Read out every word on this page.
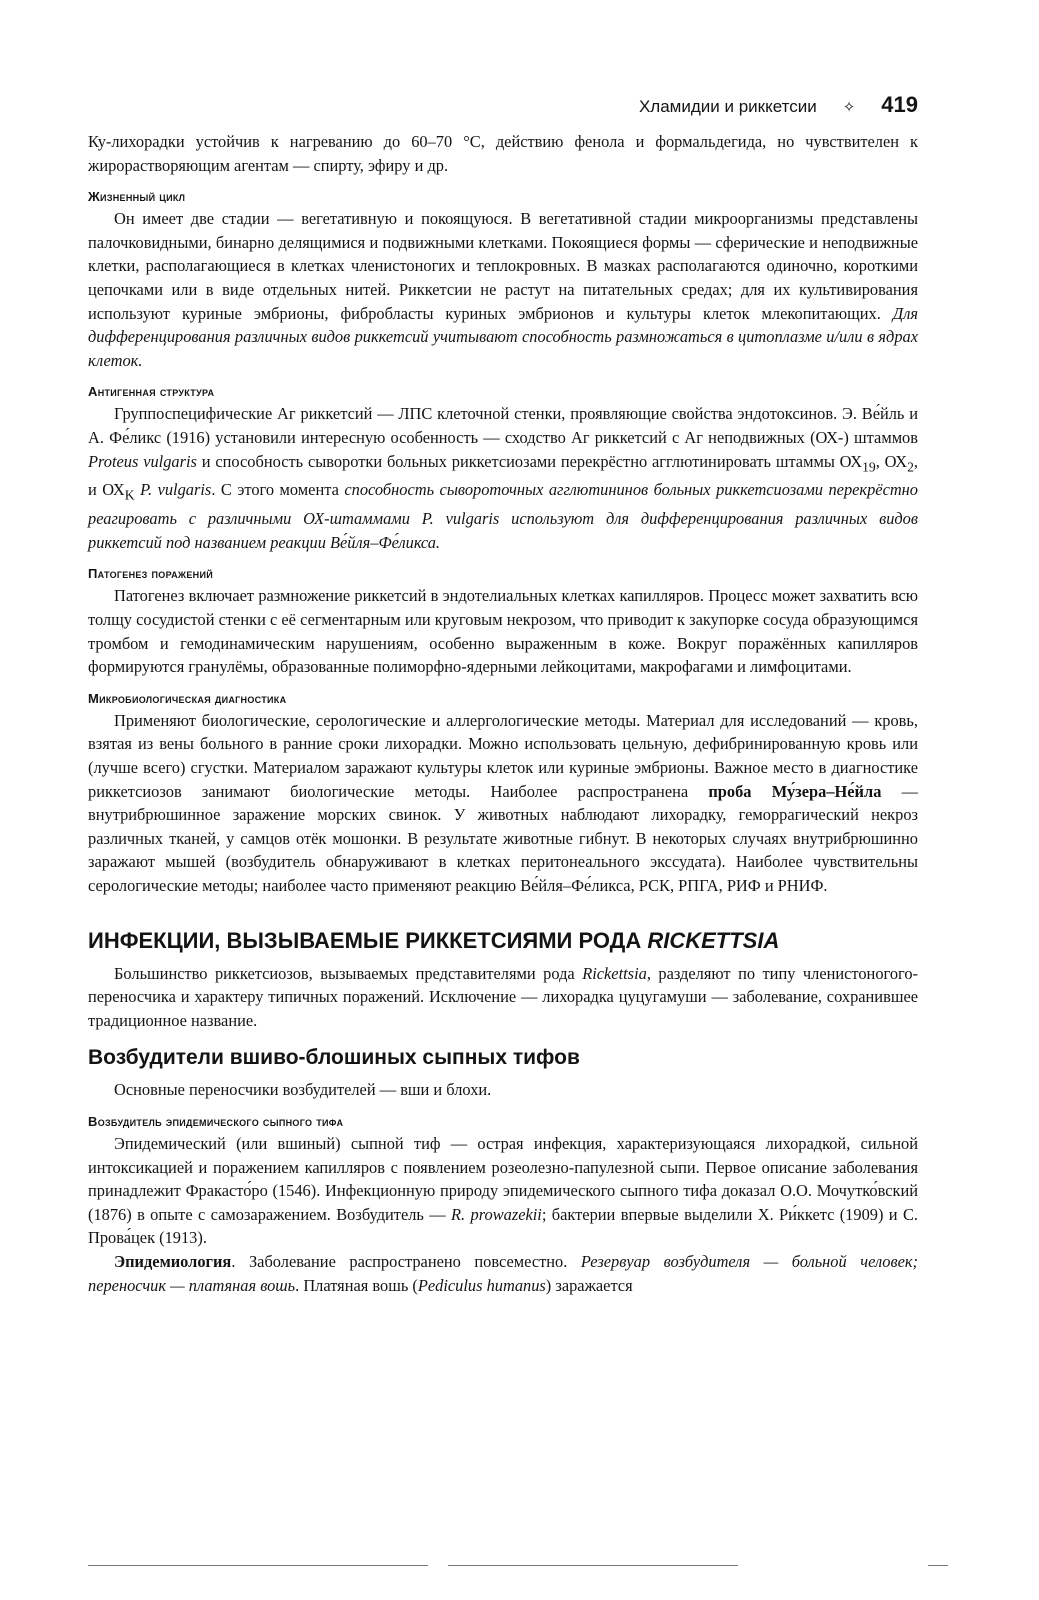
Хламидии и риккетсии ✧ 419

Ку-лихорадки устойчив к нагреванию до 60–70 °С, действию фенола и формальдегида, но чувствителен к жирорастворяющим агентам — спирту, эфиру и др.

Жизненный цикл

Он имеет две стадии — вегетативную и покоящуюся. В вегетативной стадии микроорганизмы представлены палочковидными, бинарно делящимися и подвижными клетками. Покоящиеся формы — сферические и неподвижные клетки, располагающиеся в клетках членистоногих и теплокровных. В мазках располагаются одиночно, короткими цепочками или в виде отдельных нитей. Риккетсии не растут на питательных средах; для их культивирования используют куриные эмбрионы, фибробласты куриных эмбрионов и культуры клеток млекопитающих. Для дифференцирования различных видов риккетсий учитывают способность размножаться в цитоплазме и/или в ядрах клеток.

Антигенная структура

Группоспецифические Аг риккетсий — ЛПС клеточной стенки, проявляющие свойства эндотоксинов. Э. Ве́йль и А. Фе́ликс (1916) установили интересную особенность — сходство Аг риккетсий с Аг неподвижных (ОХ-) штаммов Proteus vulgaris и способность сыворотки больных риккетсиозами перекрёстно агглютинировать штаммы $ОХ_{19}$, $ОХ_2$, и $ОХ_K$ P. vulgaris. С этого момента способность сывороточных агглютининов больных риккетсиозами перекрёстно реагировать с различными ОХ-штаммами P. vulgaris используют для дифференцирования различных видов риккетсий под названием реакции Ве́йля–Фе́ликса.

Патогенез поражений

Патогенез включает размножение риккетсий в эндотелиальных клетках капилляров. Процесс может захватить всю толщу сосудистой стенки с её сегментарным или круговым некрозом, что приводит к закупорке сосуда образующимся тромбом и гемодинамическим нарушениям, особенно выраженным в коже. Вокруг поражённых капилляров формируются гранулёмы, образованные полиморфно-ядерными лейкоцитами, макрофагами и лимфоцитами.

Микробиологическая диагностика

Применяют биологические, серологические и аллергологические методы. Материал для исследований — кровь, взятая из вены больного в ранние сроки лихорадки. Можно использовать цельную, дефибринированную кровь или (лучше всего) сгустки. Материалом заражают культуры клеток или куриные эмбрионы. Важное место в диагностике риккетсиозов занимают биологические методы. Наиболее распространена проба Му́зера–Не́йла — внутрибрюшинное заражение морских свинок. У животных наблюдают лихорадку, геморрагический некроз различных тканей, у самцов отёк мошонки. В результате животные гибнут. В некоторых случаях внутрибрюшинно заражают мышей (возбудитель обнаруживают в клетках перитонеального экссудата). Наиболее чувствительны серологические методы; наиболее часто применяют реакцию Ве́йля–Фе́ликса, РСК, РПГА, РИФ и РНИФ.

ИНФЕКЦИИ, ВЫЗЫВАЕМЫЕ РИККЕТСИЯМИ РОДА RICKETTSIA

Большинство риккетсиозов, вызываемых представителями рода Rickettsia, разделяют по типу членистоногого-переносчика и характеру типичных поражений. Исключение — лихорадка цуцугамуши — заболевание, сохранившее традиционное название.

Возбудители вшиво-блошиных сыпных тифов

Основные переносчики возбудителей — вши и блохи.

Возбудитель эпидемического сыпного тифа

Эпидемический (или вшиный) сыпной тиф — острая инфекция, характеризующаяся лихорадкой, сильной интоксикацией и поражением капилляров с появлением розеолезно-папулезной сыпи. Первое описание заболевания принадлежит Фракасто́ро (1546). Инфекционную природу эпидемического сыпного тифа доказал О.О. Мочутко́вский (1876) в опыте с самозаражением. Возбудитель — R. prowazekii; бактерии впервые выделили Х. Ри́ккетс (1909) и С. Прова́цек (1913).

Эпидемиология. Заболевание распространено повсеместно. Резервуар возбудителя — больной человек; переносчик — платяная вошь. Платяная вошь (Pediculus humanus) заражается
